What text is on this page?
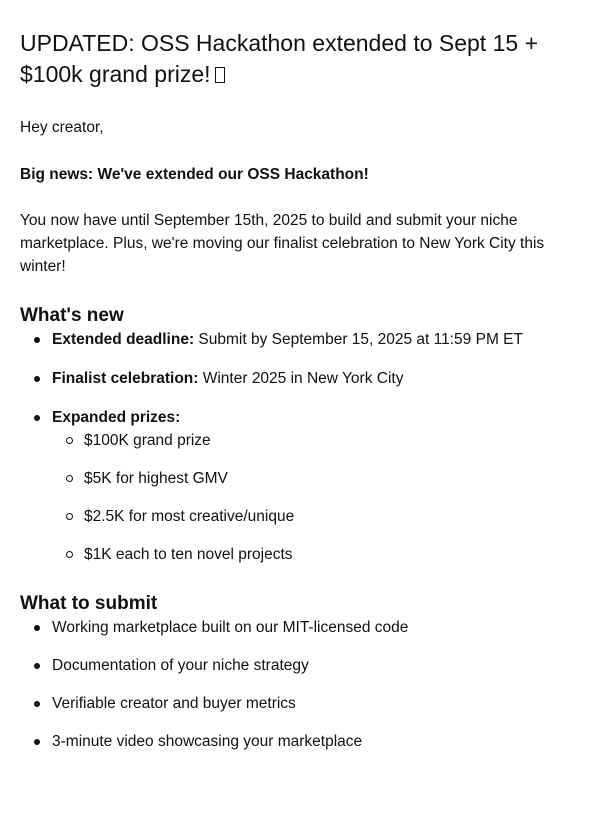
UPDATED: OSS Hackathon extended to Sept 15 + $100k grand prize!

Hey creator,

Big news: We've extended our OSS Hackathon!

You now have until September 15th, 2025 to build and submit your niche marketplace. Plus, we're moving our finalist celebration to New York City this winter!

What's new
Extended deadline: Submit by September 15, 2025 at 11:59 PM ET
Finalist celebration: Winter 2025 in New York City
Expanded prizes:
$100K grand prize
$5K for highest GMV
$2.5K for most creative/unique
$1K each to ten novel projects
What to submit
Working marketplace built on our MIT-licensed code
Documentation of your niche strategy
Verifiable creator and buyer metrics
3-minute video showcasing your marketplace
